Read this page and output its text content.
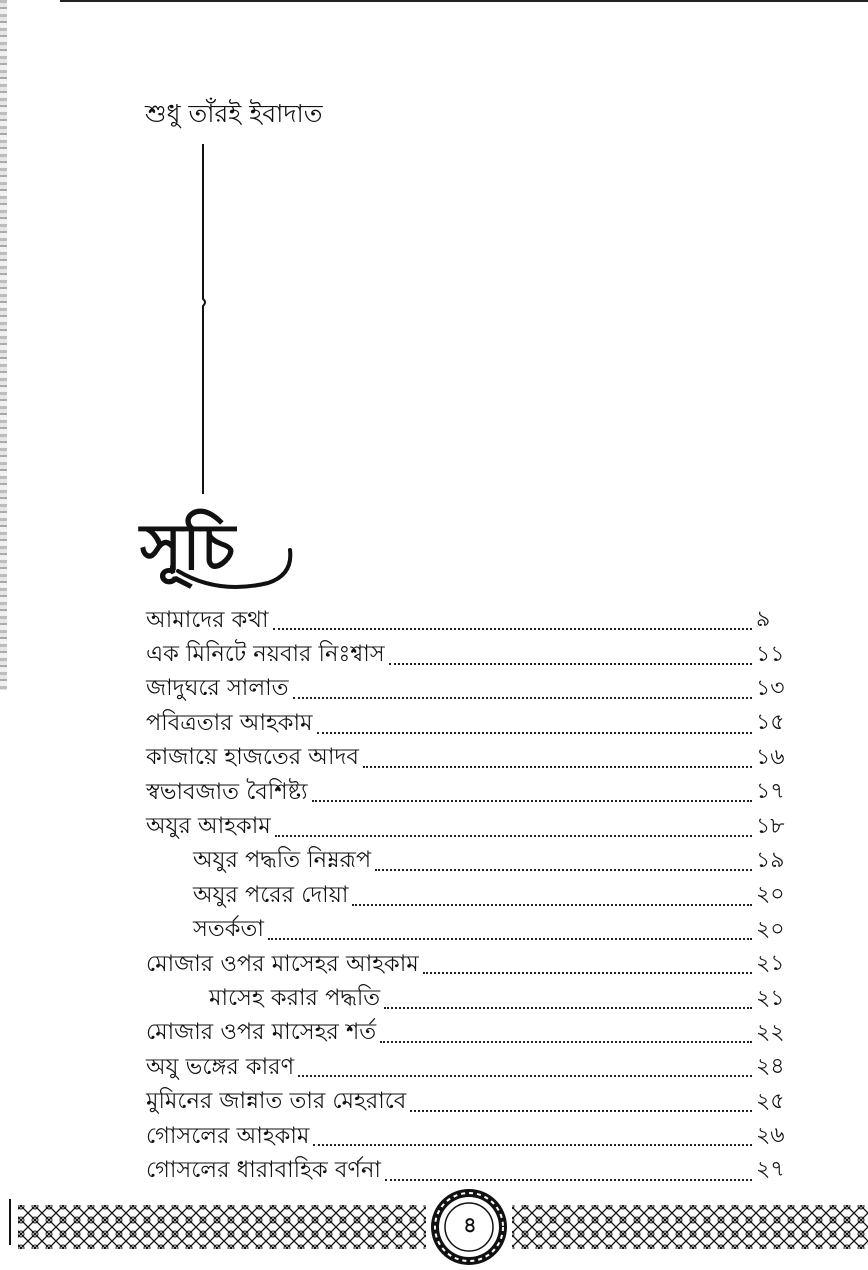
শুধু তাঁরই ইবাদাত
সূচি
আমাদের কথা	৯
এক মিনিটে নয়বার নিঃশ্বাস	১১
জাদুঘরে সালাত	১৩
পবিত্রতার আহকাম	১৫
কাজায়ে হাজতের আদব	১৬
স্বভাবজাত বৈশিষ্ট্য	১৭
অযুর আহকাম	১৮
অযুর পদ্ধতি নিম্নরূপ	১৯
অযুর পরের দোয়া	২০
সতর্কতা	২০
মোজার ওপর মাসেহর আহকাম	২১
মাসেহ করার পদ্ধতি	২১
মোজার ওপর মাসেহর শর্ত	২২
অযু ভঙ্গের কারণ	২৪
মুমিনের জান্নাত তার মেহরাবে	২৫
গোসলের আহকাম	২৬
গোসলের ধারাবাহিক বর্ণনা	২৭
৪
